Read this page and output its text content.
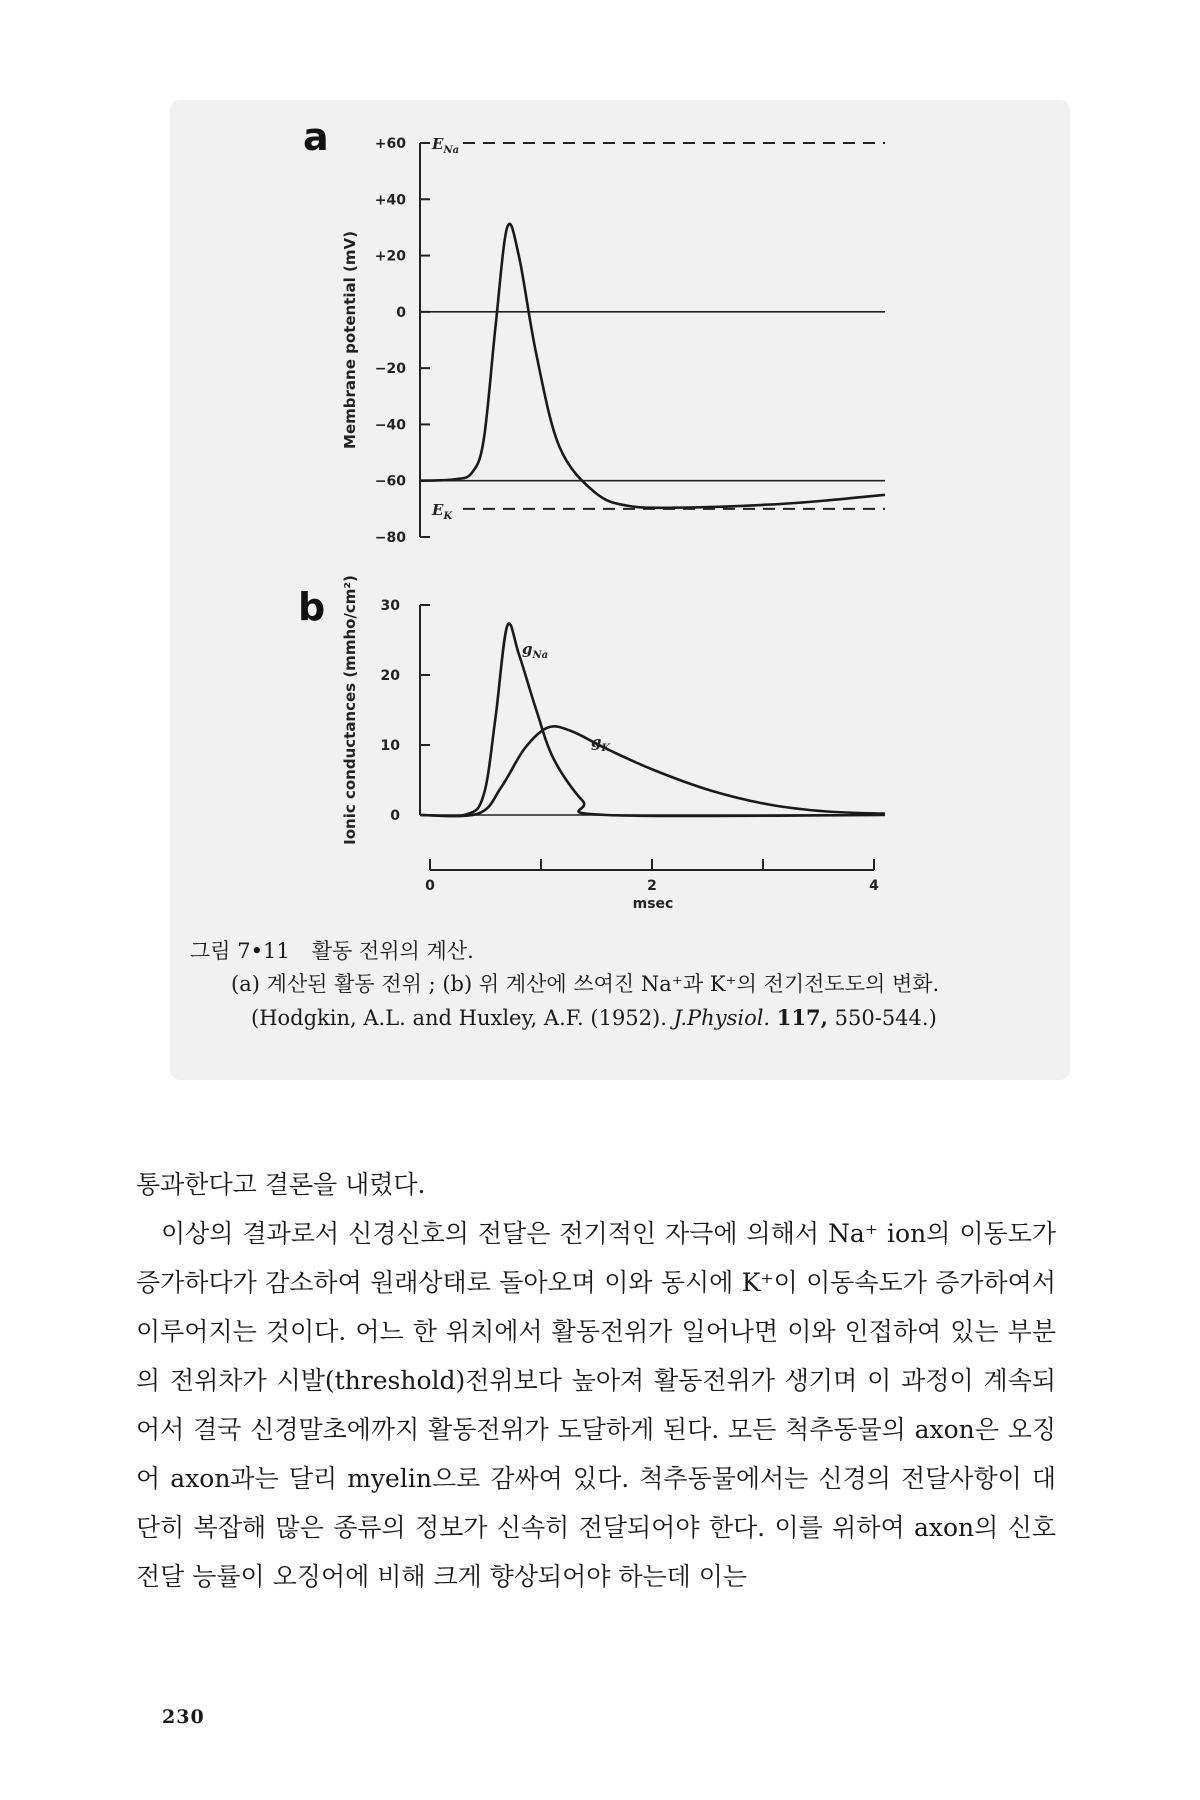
a	+60
+40
+20
0
−20
−40
−60
−80
Membrane potential (mV)
$E_{Na}$
$E_K$
b	30
20
10
0
Ionic conductances (mmho/cm²)	$g_{Na}$
$g_K$
0	2	4
msec
그림 7•11 활동 전위의 계산.
(a) 계산된 활동 전위 ; (b) 위 계산에 쓰여진 Na⁺과 K⁺의 전기전도도의 변화.(Hodgkin, A.L. and Huxley, A.F. (1952). J.Physiol. 117, 550-544.)

통과한다고 결론을 내렸다.

이상의 결과로서 신경신호의 전달은 전기적인 자극에 의해서 Na⁺ ion의 이동도가 증가하다가 감소하여 원래상태로 돌아오며 이와 동시에 K⁺이 이동속도가 증가하여서 이루어지는 것이다. 어느 한 위치에서 활동전위가 일어나면 이와 인접하여 있는 부분의 전위차가 시발(threshold)전위보다 높아져 활동전위가 생기며 이 과정이 계속되어서 결국 신경말초에까지 활동전위가 도달하게 된다. 모든 척추동물의 axon은 오징어 axon과는 달리 myelin으로 감싸여 있다. 척추동물에서는 신경의 전달사항이 대단히 복잡해 많은 종류의 정보가 신속히 전달되어야 한다. 이를 위하여 axon의 신호전달 능률이 오징어에 비해 크게 향상되어야 하는데 이는

230
